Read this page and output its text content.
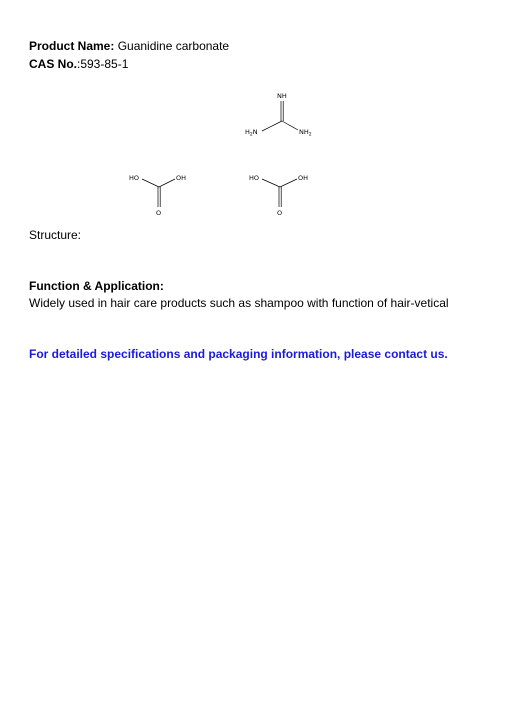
Product Name: Guanidine carbonate
CAS No.:593-85-1
NH
$H_2N$	$NH_2$
HO	OH
O
HO	OH
O
Structure:
Function & Application:
Widely used in hair care products such as shampoo with function of hair-vetical
For detailed specifications and packaging information, please contact us.
